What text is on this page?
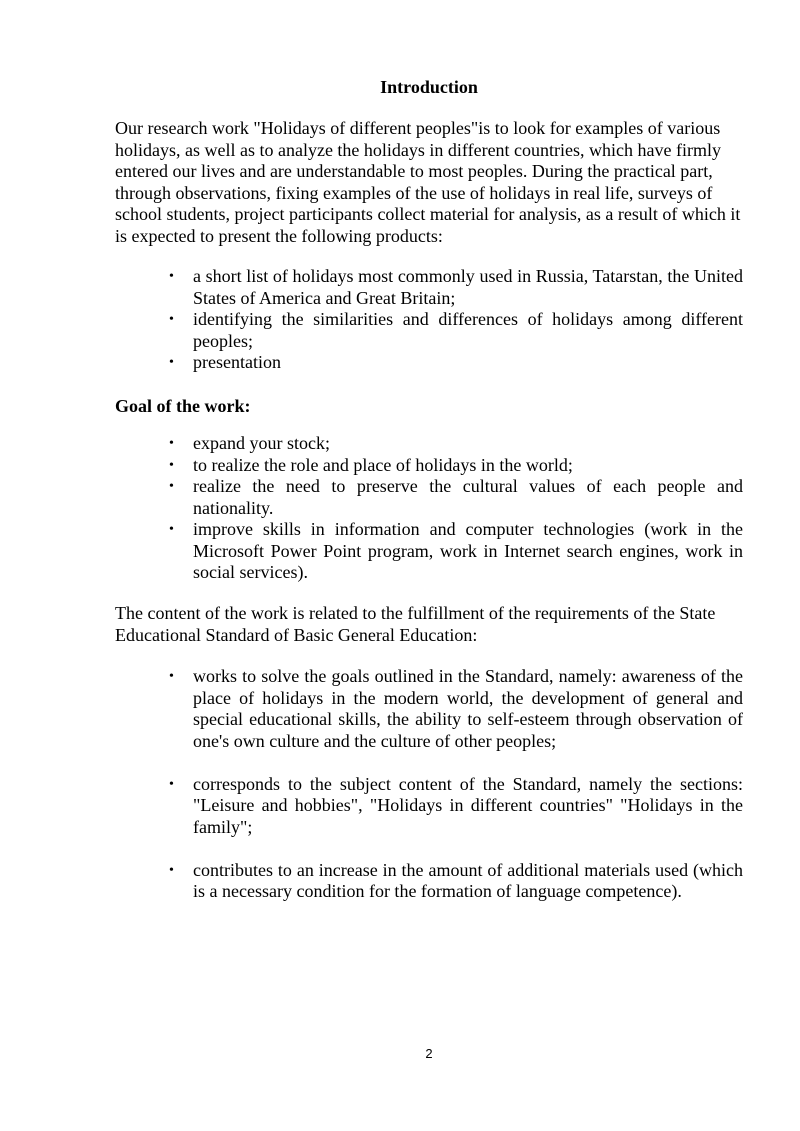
Introduction

Our research work "Holidays of different peoples"is to look for examples of various holidays, as well as to analyze the holidays in different countries, which have firmly entered our lives and are understandable to most peoples. During the practical part, through observations, fixing examples of the use of holidays in real life, surveys of school students, project participants collect material for analysis, as a result of which it is expected to present the following products:

• a short list of holidays most commonly used in Russia, Tatarstan, the United States of America and Great Britain;
• identifying the similarities and differences of holidays among different peoples;
• presentation

Goal of the work:

• expand your stock;
• to realize the role and place of holidays in the world;
• realize the need to preserve the cultural values of each people and nationality.
• improve skills in information and computer technologies (work in the Microsoft Power Point program, work in Internet search engines, work in social services).

The content of the work is related to the fulfillment of the requirements of the State Educational Standard of Basic General Education:

• works to solve the goals outlined in the Standard, namely: awareness of the place of holidays in the modern world, the development of general and special educational skills, the ability to self-esteem through observation of one's own culture and the culture of other peoples;
• corresponds to the subject content of the Standard, namely the sections: "Leisure and hobbies", "Holidays in different countries" "Holidays in the family";
• contributes to an increase in the amount of additional materials used (which is a necessary condition for the formation of language competence).
2
